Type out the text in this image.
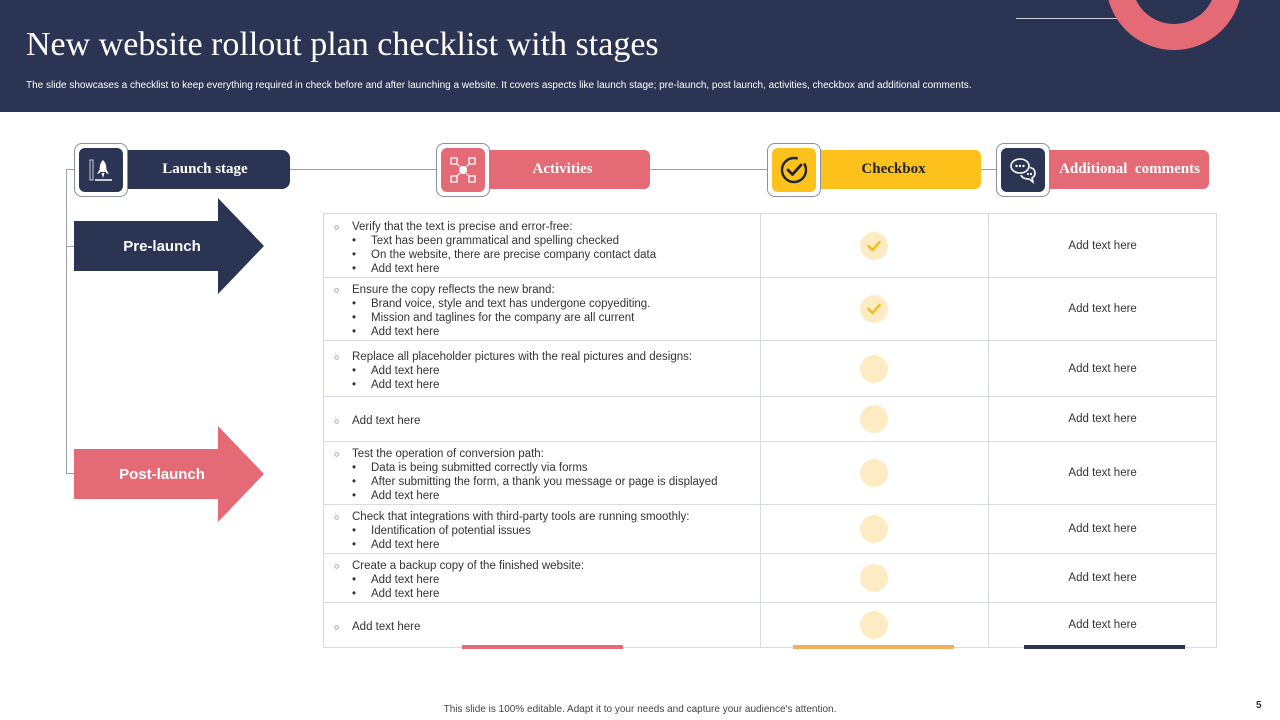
New website rollout plan checklist with stages
The slide showcases a checklist to keep everything required in check before and after launching a website. It covers aspects like launch stage; pre-launch, post launch, activities, checkbox and additional comments.
Launch stage	Activities	Checkbox	Additional  comments
Pre-launch
Post-launch
○ Verify that the text is precise and error-free:
• Text has been grammatical and spelling checked
• On the website, there are precise company contact data
• Add text here
Add text here
○ Ensure the copy reflects the new brand:
• Brand voice, style and text has undergone copyediting.
• Mission and taglines for the company are all current
• Add text here
Add text here
○ Replace all placeholder pictures with the real pictures and designs:
• Add text here
• Add text here
Add text here
○ Add text here	Add text here
○ Test the operation of conversion path:
• Data is being submitted correctly via forms
• After submitting the form, a thank you message or page is displayed
• Add text here
Add text here
○ Check that integrations with third-party tools are running smoothly:
• Identification of potential issues
• Add text here
Add text here
○ Create a backup copy of the finished website:
• Add text here
• Add text here
Add text here
○ Add text here	Add text here
This slide is 100% editable. Adapt it to your needs and capture your audience's attention.	5
